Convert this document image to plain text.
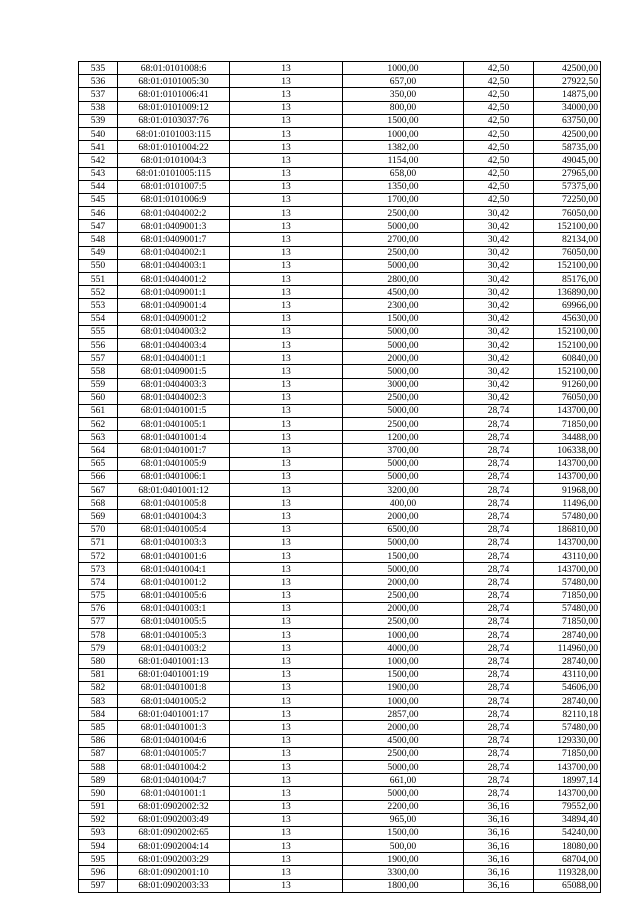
535	68:01:0101008:6	13	1000,00	42,50	42500,00
536	68:01:0101005:30	13	657,00	42,50	27922,50
537	68:01:0101006:41	13	350,00	42,50	14875,00
538	68:01:0101009:12	13	800,00	42,50	34000,00
539	68:01:0103037:76	13	1500,00	42,50	63750,00
540	68:01:0101003:115	13	1000,00	42,50	42500,00
541	68:01:0101004:22	13	1382,00	42,50	58735,00
542	68:01:0101004:3	13	1154,00	42,50	49045,00
543	68:01:0101005:115	13	658,00	42,50	27965,00
544	68:01:0101007:5	13	1350,00	42,50	57375,00
545	68:01:0101006:9	13	1700,00	42,50	72250,00
546	68:01:0404002:2	13	2500,00	30,42	76050,00
547	68:01:0409001:3	13	5000,00	30,42	152100,00
548	68:01:0409001:7	13	2700,00	30,42	82134,00
549	68:01:0404002:1	13	2500,00	30,42	76050,00
550	68:01:0404003:1	13	5000,00	30,42	152100,00
551	68:01:0404001:2	13	2800,00	30,42	85176,00
552	68:01:0409001:1	13	4500,00	30,42	136890,00
553	68:01:0409001:4	13	2300,00	30,42	69966,00
554	68:01:0409001:2	13	1500,00	30,42	45630,00
555	68:01:0404003:2	13	5000,00	30,42	152100,00
556	68:01:0404003:4	13	5000,00	30,42	152100,00
557	68:01:0404001:1	13	2000,00	30,42	60840,00
558	68:01:0409001:5	13	5000,00	30,42	152100,00
559	68:01:0404003:3	13	3000,00	30,42	91260,00
560	68:01:0404002:3	13	2500,00	30,42	76050,00
561	68:01:0401001:5	13	5000,00	28,74	143700,00
562	68:01:0401005:1	13	2500,00	28,74	71850,00
563	68:01:0401001:4	13	1200,00	28,74	34488,00
564	68:01:0401001:7	13	3700,00	28,74	106338,00
565	68:01:0401005:9	13	5000,00	28,74	143700,00
566	68:01:0401006:1	13	5000,00	28,74	143700,00
567	68:01:0401001:12	13	3200,00	28,74	91968,00
568	68:01:0401005:8	13	400,00	28,74	11496,00
569	68:01:0401004:3	13	2000,00	28,74	57480,00
570	68:01:0401005:4	13	6500,00	28,74	186810,00
571	68:01:0401003:3	13	5000,00	28,74	143700,00
572	68:01:0401001:6	13	1500,00	28,74	43110,00
573	68:01:0401004:1	13	5000,00	28,74	143700,00
574	68:01:0401001:2	13	2000,00	28,74	57480,00
575	68:01:0401005:6	13	2500,00	28,74	71850,00
576	68:01:0401003:1	13	2000,00	28,74	57480,00
577	68:01:0401005:5	13	2500,00	28,74	71850,00
578	68:01:0401005:3	13	1000,00	28,74	28740,00
579	68:01:0401003:2	13	4000,00	28,74	114960,00
580	68:01:0401001:13	13	1000,00	28,74	28740,00
581	68:01:0401001:19	13	1500,00	28,74	43110,00
582	68:01:0401001:8	13	1900,00	28,74	54606,00
583	68:01:0401005:2	13	1000,00	28,74	28740,00
584	68:01:0401001:17	13	2857,00	28,74	82110,18
585	68:01:0401001:3	13	2000,00	28,74	57480,00
586	68:01:0401004:6	13	4500,00	28,74	129330,00
587	68:01:0401005:7	13	2500,00	28,74	71850,00
588	68:01:0401004:2	13	5000,00	28,74	143700,00
589	68:01:0401004:7	13	661,00	28,74	18997,14
590	68:01:0401001:1	13	5000,00	28,74	143700,00
591	68:01:0902002:32	13	2200,00	36,16	79552,00
592	68:01:0902003:49	13	965,00	36,16	34894,40
593	68:01:0902002:65	13	1500,00	36,16	54240,00
594	68:01:0902004:14	13	500,00	36,16	18080,00
595	68:01:0902003:29	13	1900,00	36,16	68704,00
596	68:01:0902001:10	13	3300,00	36,16	119328,00
597	68:01:0902003:33	13	1800,00	36,16	65088,00
